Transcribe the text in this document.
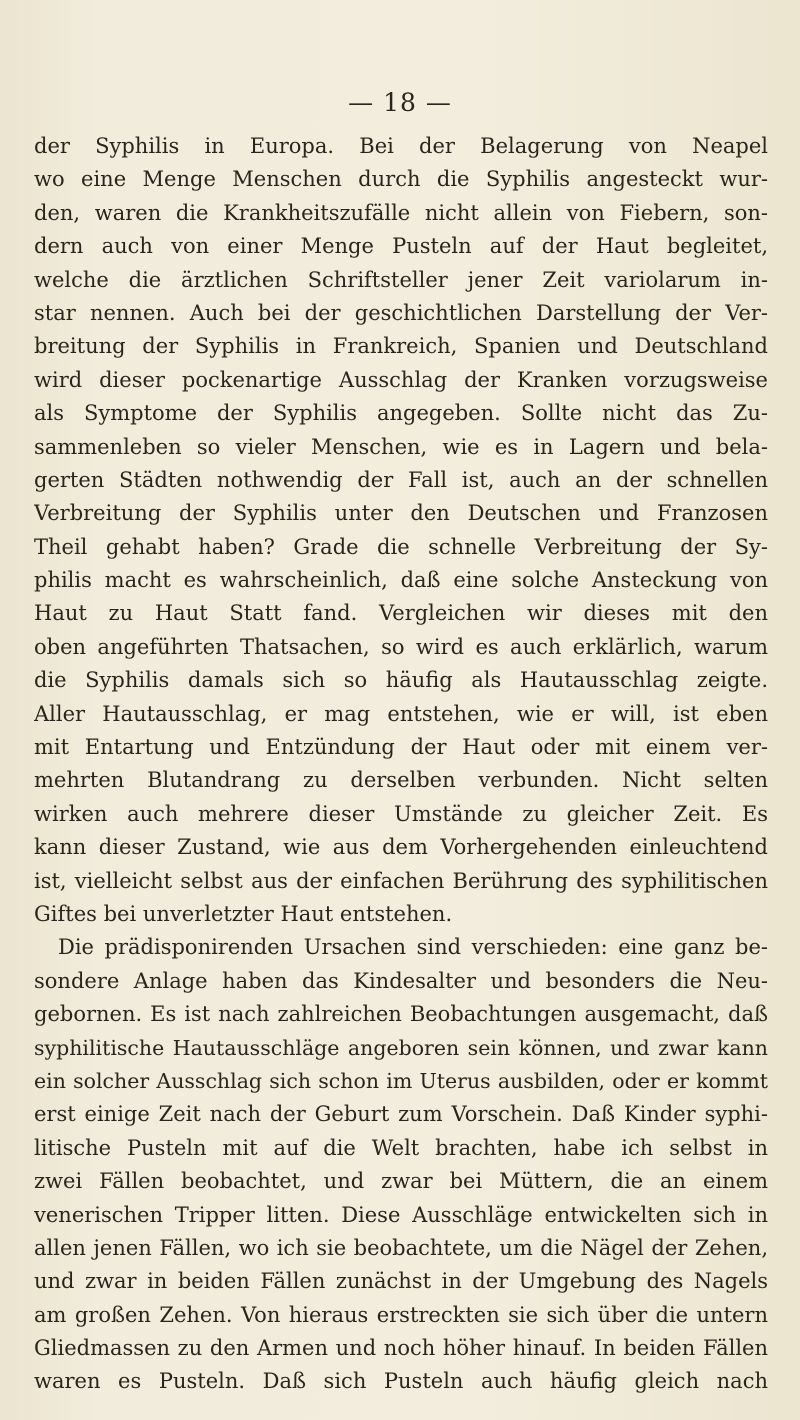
— 18 —
der Syphilis in Europa. Bei der Belagerung von Neapel
wo eine Menge Menschen durch die Syphilis angesteckt wur-
den, waren die Krankheitszufälle nicht allein von Fiebern, son-
dern auch von einer Menge Pusteln auf der Haut begleitet,
welche die ärztlichen Schriftsteller jener Zeit variolarum in-
star nennen. Auch bei der geschichtlichen Darstellung der Ver-
breitung der Syphilis in Frankreich, Spanien und Deutschland
wird dieser pockenartige Ausschlag der Kranken vorzugsweise
als Symptome der Syphilis angegeben. Sollte nicht das Zu-
sammenleben so vieler Menschen, wie es in Lagern und bela-
gerten Städten nothwendig der Fall ist, auch an der schnellen
Verbreitung der Syphilis unter den Deutschen und Franzosen
Theil gehabt haben? Grade die schnelle Verbreitung der Sy-
philis macht es wahrscheinlich, daß eine solche Ansteckung von
Haut zu Haut Statt fand. Vergleichen wir dieses mit den
oben angeführten Thatsachen, so wird es auch erklärlich, warum
die Syphilis damals sich so häufig als Hautausschlag zeigte.
Aller Hautausschlag, er mag entstehen, wie er will, ist eben
mit Entartung und Entzündung der Haut oder mit einem ver-
mehrten Blutandrang zu derselben verbunden. Nicht selten
wirken auch mehrere dieser Umstände zu gleicher Zeit. Es
kann dieser Zustand, wie aus dem Vorhergehenden einleuchtend
ist, vielleicht selbst aus der einfachen Berührung des syphilitischen
Giftes bei unverletzter Haut entstehen.
Die prädisponirenden Ursachen sind verschieden: eine ganz be-
sondere Anlage haben das Kindesalter und besonders die Neu-
gebornen. Es ist nach zahlreichen Beobachtungen ausgemacht, daß
syphilitische Hautausschläge angeboren sein können, und zwar kann
ein solcher Ausschlag sich schon im Uterus ausbilden, oder er kommt
erst einige Zeit nach der Geburt zum Vorschein. Daß Kinder syphi-
litische Pusteln mit auf die Welt brachten, habe ich selbst in
zwei Fällen beobachtet, und zwar bei Müttern, die an einem
venerischen Tripper litten. Diese Ausschläge entwickelten sich in
allen jenen Fällen, wo ich sie beobachtete, um die Nägel der Zehen,
und zwar in beiden Fällen zunächst in der Umgebung des Nagels
am großen Zehen. Von hieraus erstreckten sie sich über die untern
Gliedmassen zu den Armen und noch höher hinauf. In beiden Fällen
waren es Pusteln. Daß sich Pusteln auch häufig gleich nach
